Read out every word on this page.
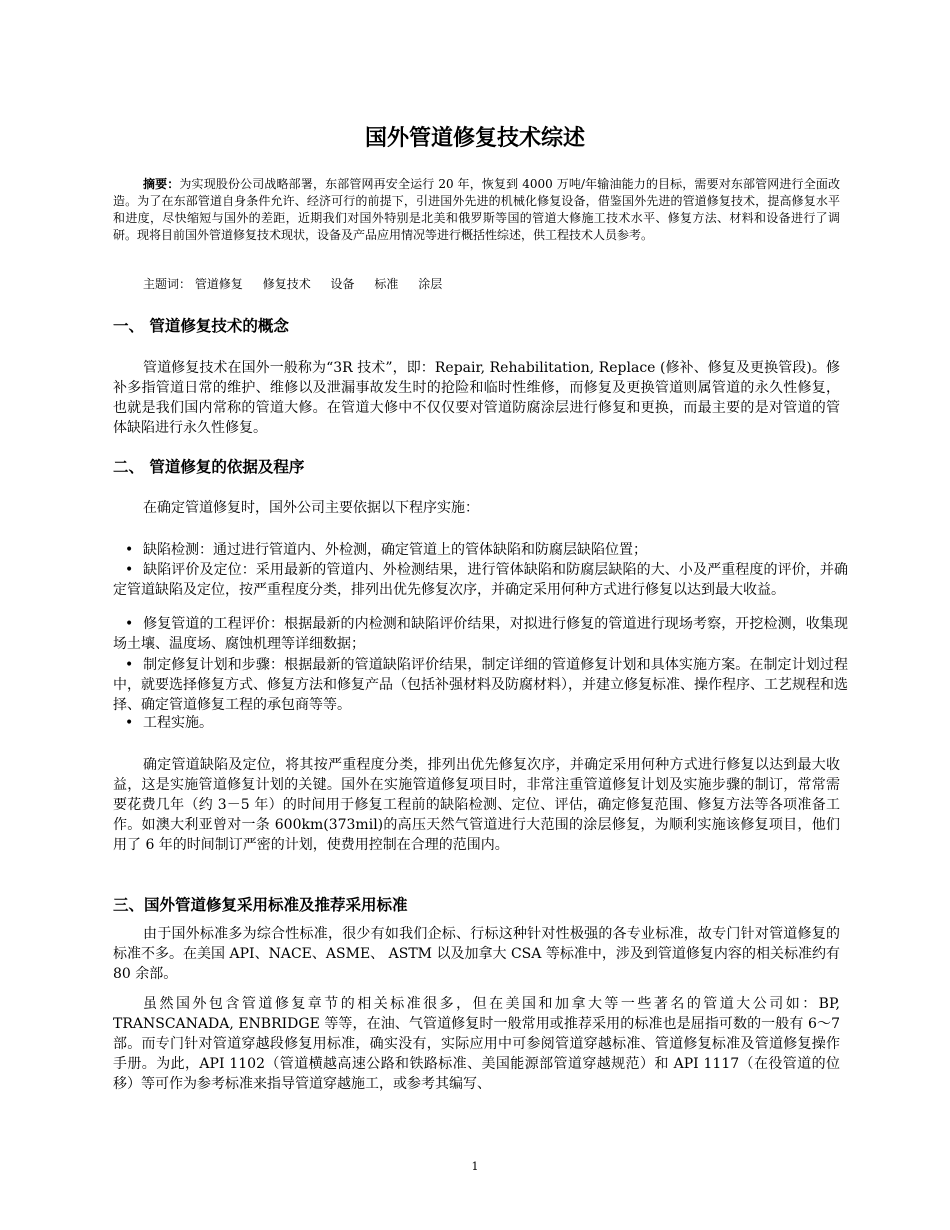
国外管道修复技术综述
摘要：为实现股份公司战略部署，东部管网再安全运行 20 年，恢复到 4000 万吨/年输油能力的目标，需要对东部管网进行全面改造。为了在东部管道自身条件允许、经济可行的前提下，引进国外先进的机械化修复设备，借鉴国外先进的管道修复技术，提高修复水平和进度，尽快缩短与国外的差距，近期我们对国外特别是北美和俄罗斯等国的管道大修施工技术水平、修复方法、材料和设备进行了调研。现将目前国外管道修复技术现状，设备及产品应用情况等进行概括性综述，供工程技术人员参考。
主题词： 管道修复 修复技术 设备 标准 涂层
一、 管道修复技术的概念
管道修复技术在国外一般称为“3R 技术”，即：Repair, Rehabilitation, Replace (修补、修复及更换管段)。修补多指管道日常的维护、维修以及泄漏事故发生时的抢险和临时性维修，而修复及更换管道则属管道的永久性修复，也就是我们国内常称的管道大修。在管道大修中不仅仅要对管道防腐涂层进行修复和更换，而最主要的是对管道的管体缺陷进行永久性修复。
二、 管道修复的依据及程序
在确定管道修复时，国外公司主要依据以下程序实施：
• 缺陷检测：通过进行管道内、外检测，确定管道上的管体缺陷和防腐层缺陷位置；
• 缺陷评价及定位：采用最新的管道内、外检测结果，进行管体缺陷和防腐层缺陷的大、小及严重程度的评价，并确定管道缺陷及定位，按严重程度分类，排列出优先修复次序，并确定采用何种方式进行修复以达到最大收益。
• 修复管道的工程评价：根据最新的内检测和缺陷评价结果，对拟进行修复的管道进行现场考察，开挖检测，收集现场土壤、温度场、腐蚀机理等详细数据；
• 制定修复计划和步骤：根据最新的管道缺陷评价结果，制定详细的管道修复计划和具体实施方案。在制定计划过程中，就要选择修复方式、修复方法和修复产品（包括补强材料及防腐材料），并建立修复标准、操作程序、工艺规程和选择、确定管道修复工程的承包商等等。
• 工程实施。
确定管道缺陷及定位，将其按严重程度分类，排列出优先修复次序，并确定采用何种方式进行修复以达到最大收益，这是实施管道修复计划的关键。国外在实施管道修复项目时，非常注重管道修复计划及实施步骤的制订，常常需要花费几年（约 3－5 年）的时间用于修复工程前的缺陷检测、定位、评估，确定修复范围、修复方法等各项准备工作。如澳大利亚曾对一条 600km(373mil)的高压天然气管道进行大范围的涂层修复，为顺利实施该修复项目，他们用了 6 年的时间制订严密的计划，使费用控制在合理的范围内。
三、国外管道修复采用标准及推荐采用标准
由于国外标准多为综合性标准，很少有如我们企标、行标这种针对性极强的各专业标准，故专门针对管道修复的标准不多。在美国 API、NACE、ASME、 ASTM 以及加拿大 CSA 等标准中，涉及到管道修复内容的相关标准约有 80 余部。
虽然国外包含管道修复章节的相关标准很多，但在美国和加拿大等一些著名的管道大公司如：BP, TRANSCANADA, ENBRIDGE 等等，在油、气管道修复时一般常用或推荐采用的标准也是屈指可数的一般有 6～7 部。而专门针对管道穿越段修复用标准，确实没有，实际应用中可参阅管道穿越标准、管道修复标准及管道修复操作手册。为此，API 1102（管道横越高速公路和铁路标准、美国能源部管道穿越规范）和 API 1117（在役管道的位移）等可作为参考标准来指导管道穿越施工，或参考其编写、
1
